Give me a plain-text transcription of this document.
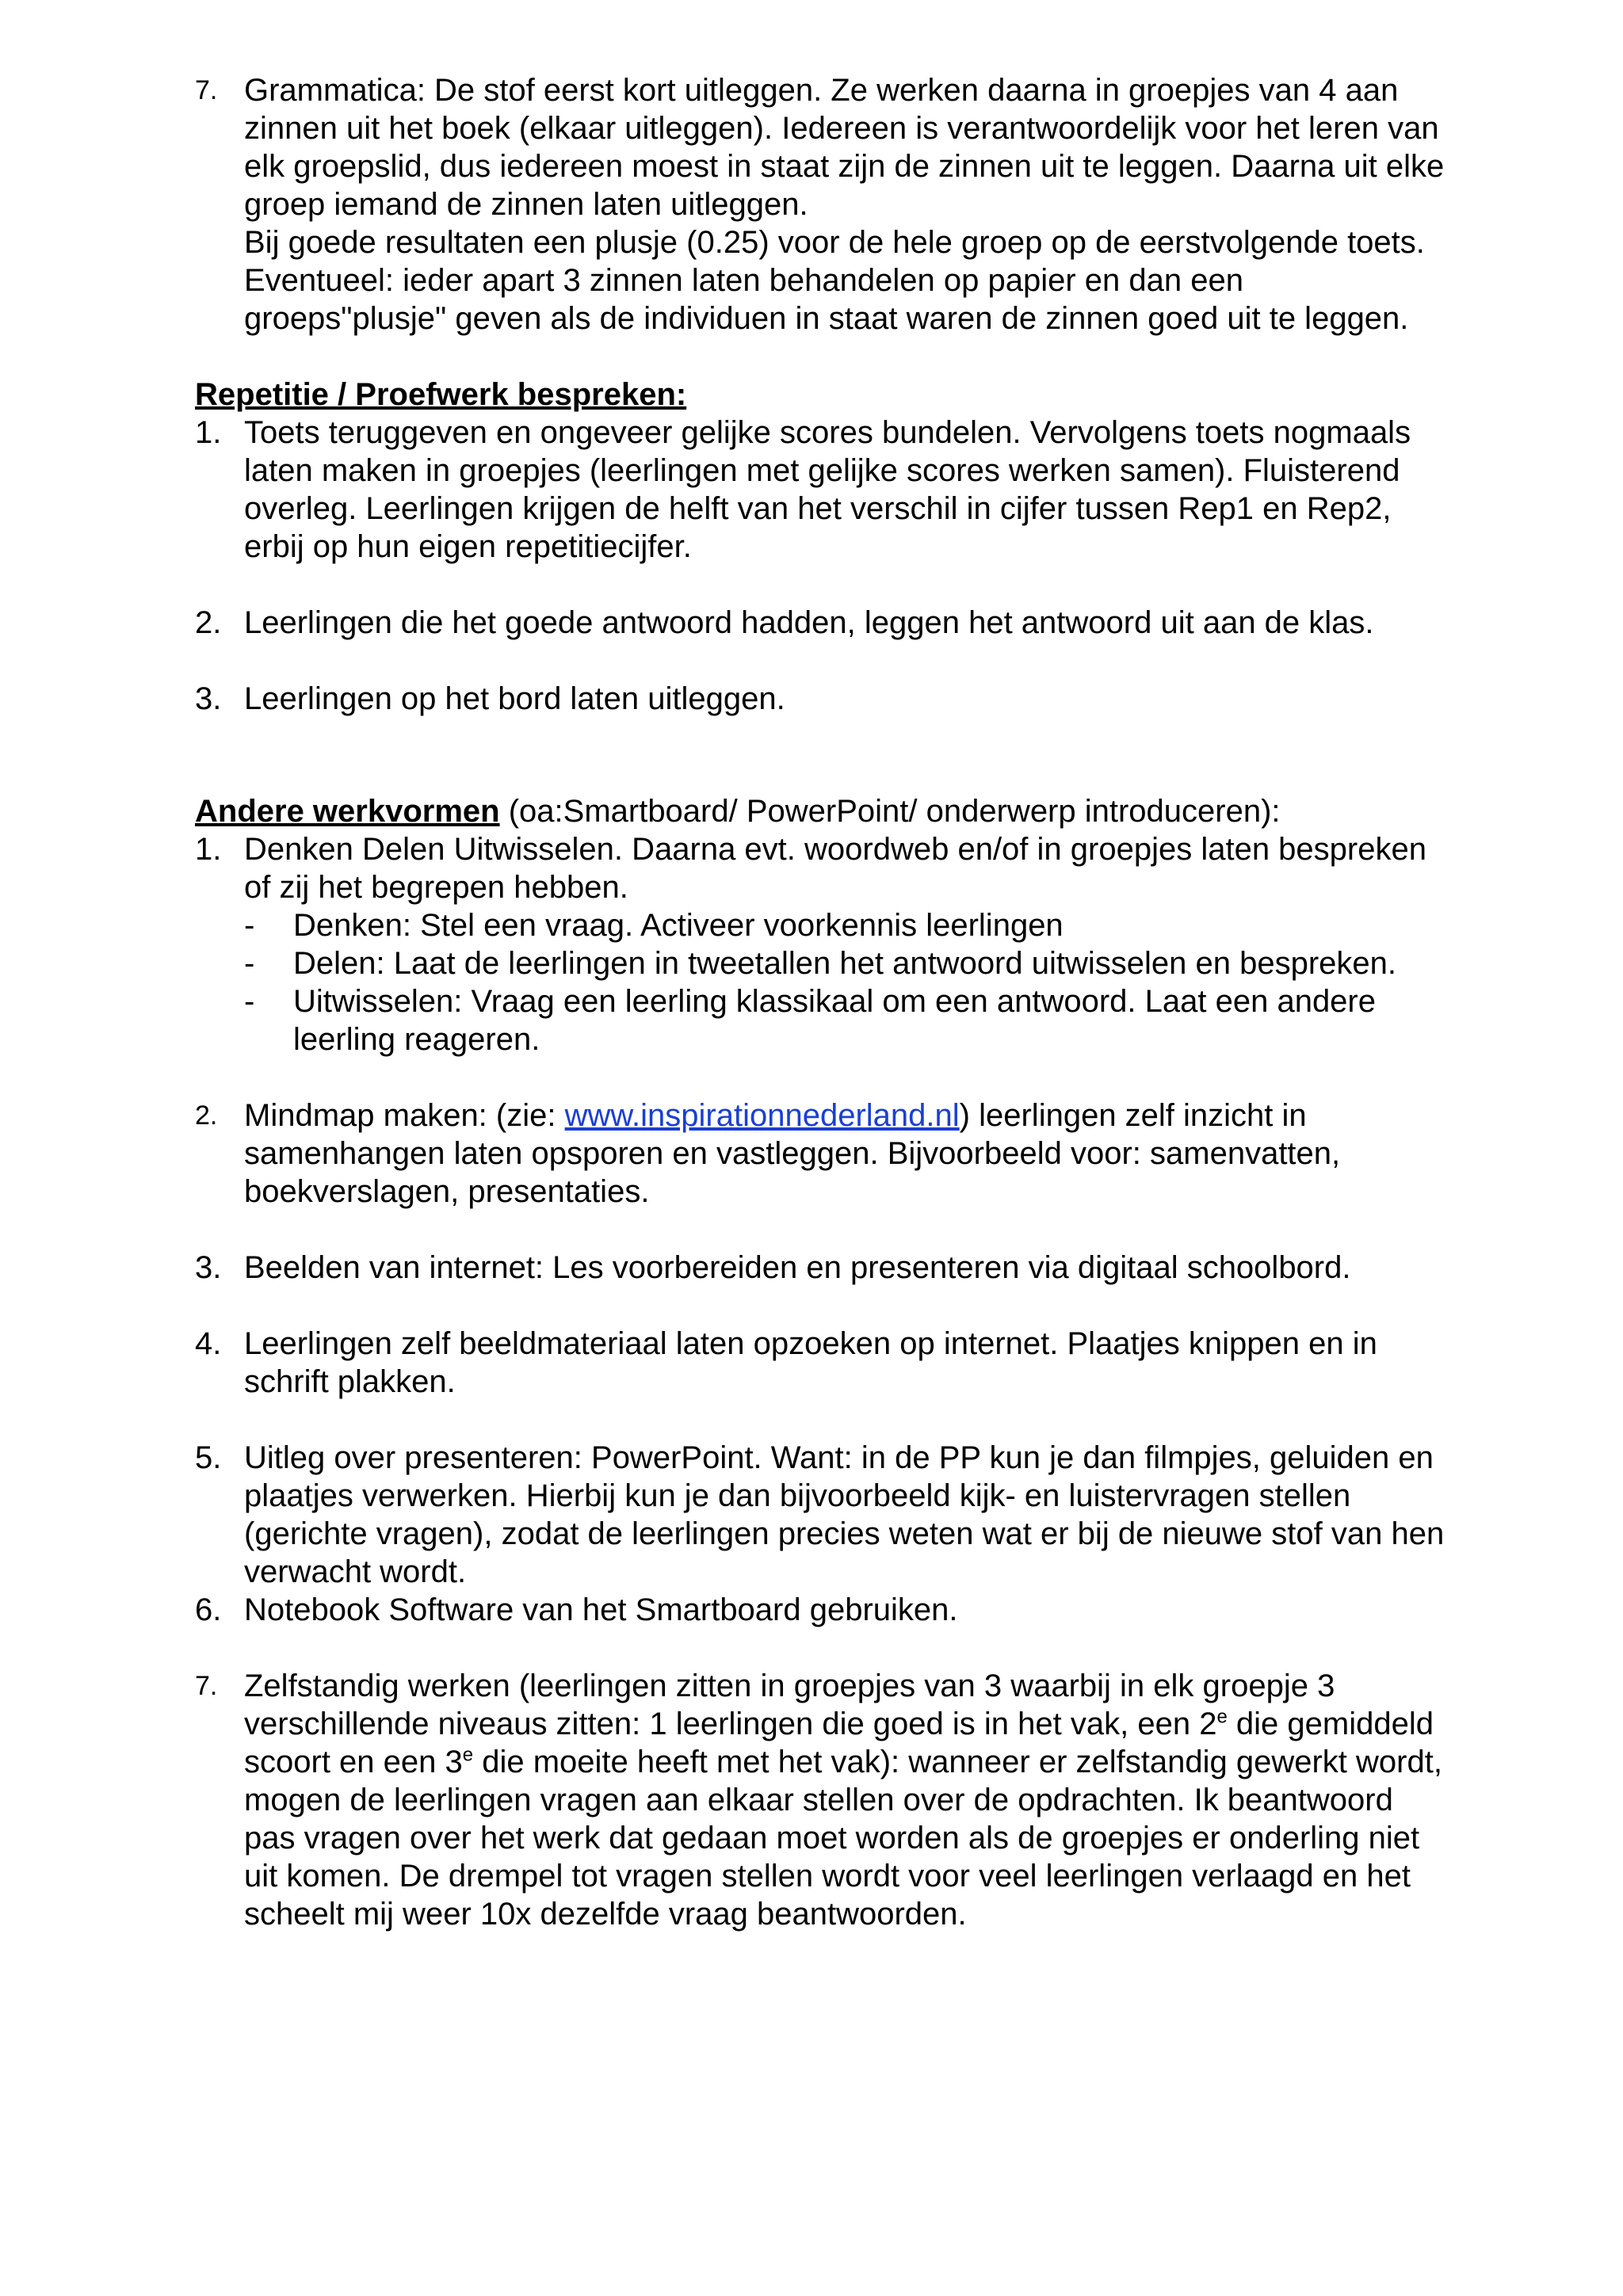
7. Grammatica: De stof eerst kort uitleggen. Ze werken daarna in groepjes van 4 aan zinnen uit het boek (elkaar uitleggen). Iedereen is verantwoordelijk voor het leren van elk groepslid, dus iedereen moest in staat zijn de zinnen uit te leggen. Daarna uit elke groep iemand de zinnen laten uitleggen.
Bij goede resultaten een plusje (0.25) voor de hele groep op de eerstvolgende toets. Eventueel: ieder apart 3 zinnen laten behandelen op papier en dan een groeps"plusje" geven als de individuen in staat waren de zinnen goed uit te leggen.
Repetitie / Proefwerk bespreken:
1. Toets teruggeven en ongeveer gelijke scores bundelen. Vervolgens toets nogmaals laten maken in groepjes (leerlingen met gelijke scores werken samen). Fluisterend overleg. Leerlingen krijgen de helft van het verschil in cijfer tussen Rep1 en Rep2, erbij op hun eigen repetitiecijfer.
2. Leerlingen die het goede antwoord hadden, leggen het antwoord uit aan de klas.
3. Leerlingen op het bord laten uitleggen.
Andere werkvormen (oa:Smartboard/ PowerPoint/ onderwerp introduceren):
1. Denken Delen Uitwisselen. Daarna evt. woordweb en/of in groepjes laten bespreken of zij het begrepen hebben.
- Denken: Stel een vraag. Activeer voorkennis leerlingen
- Delen: Laat de leerlingen in tweetallen het antwoord uitwisselen en bespreken.
- Uitwisselen: Vraag een leerling klassikaal om een antwoord. Laat een andere leerling reageren.
2. Mindmap maken: (zie: www.inspirationnederland.nl) leerlingen zelf inzicht in samenhangen laten opsporen en vastleggen. Bijvoorbeeld voor: samenvatten, boekverslagen, presentaties.
3. Beelden van internet: Les voorbereiden en presenteren via digitaal schoolbord.
4. Leerlingen zelf beeldmateriaal laten opzoeken op internet. Plaatjes knippen en in schrift plakken.
5. Uitleg over presenteren: PowerPoint. Want: in de PP kun je dan filmpjes, geluiden en plaatjes verwerken. Hierbij kun je dan bijvoorbeeld kijk- en luistervragen stellen (gerichte vragen), zodat de leerlingen precies weten wat er bij de nieuwe stof van hen verwacht wordt.
6. Notebook Software van het Smartboard gebruiken.
7. Zelfstandig werken (leerlingen zitten in groepjes van 3 waarbij in elk groepje 3 verschillende niveaus zitten: 1 leerlingen die goed is in het vak, een 2e die gemiddeld scoort en een 3e die moeite heeft met het vak): wanneer er zelfstandig gewerkt wordt, mogen de leerlingen vragen aan elkaar stellen over de opdrachten. Ik beantwoord pas vragen over het werk dat gedaan moet worden als de groepjes er onderling niet uit komen. De drempel tot vragen stellen wordt voor veel leerlingen verlaagd en het scheelt mij weer 10x dezelfde vraag beantwoorden.
